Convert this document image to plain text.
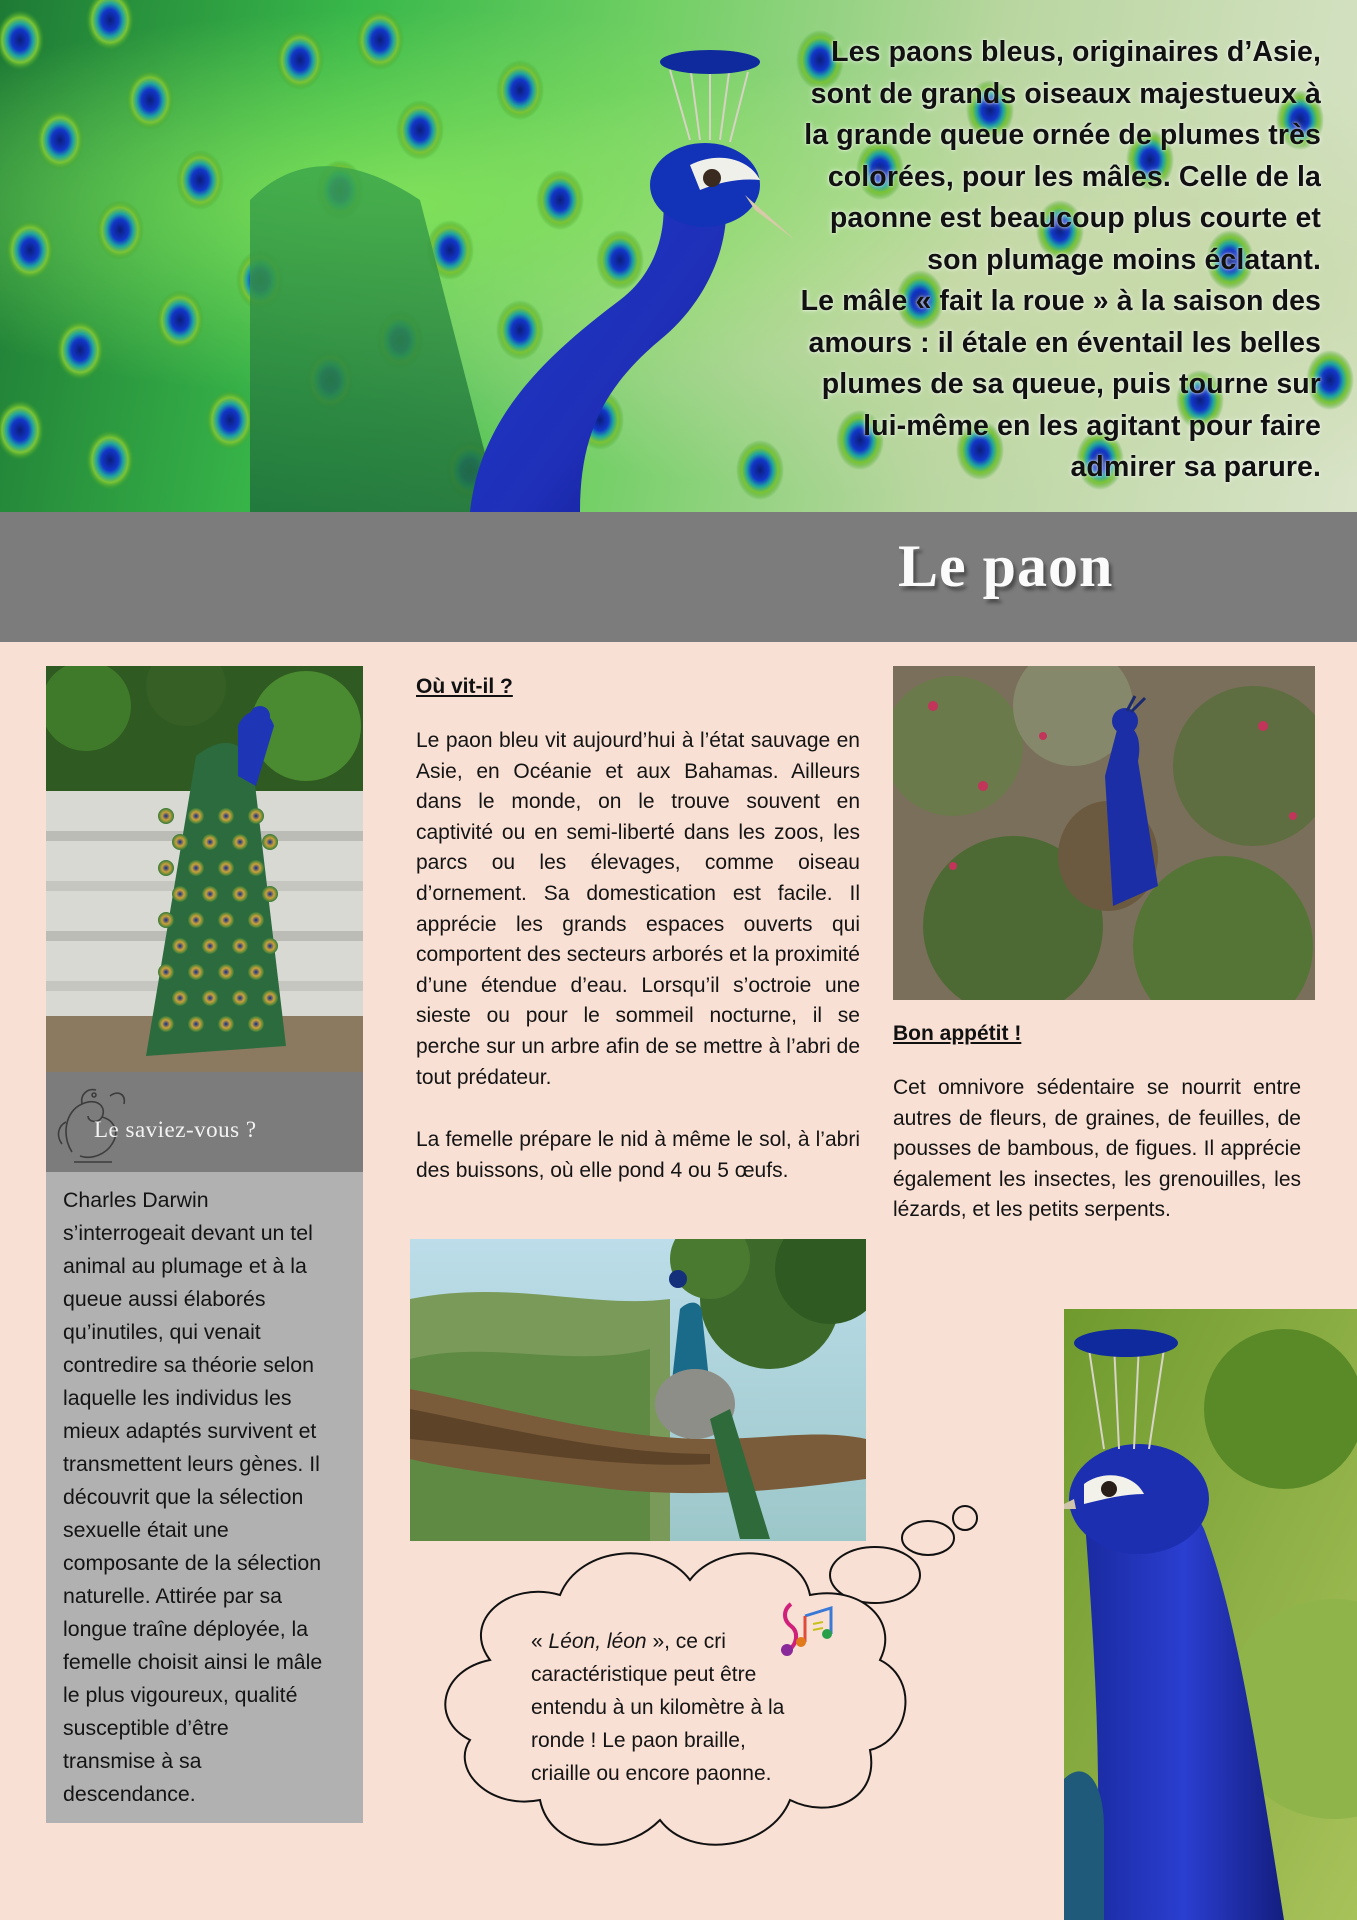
Les paons bleus, originaires d’Asie,
sont de grands oiseaux majestueux à
la grande queue ornée de plumes très
colorées, pour les mâles. Celle de la
paonne est beaucoup plus courte et
son plumage moins éclatant.
Le mâle « fait la roue » à la saison des
amours : il étale en éventail les belles
plumes de sa queue, puis tourne sur
lui-même en les agitant pour faire
admirer sa parure.
Le paon
Le saviez-vous ?
Charles Darwin
s’interrogeait devant un tel
animal au plumage et à la
queue aussi élaborés
qu’inutiles, qui venait
contredire sa théorie selon
laquelle les individus les
mieux adaptés survivent et
transmettent leurs gènes. Il
découvrit que la sélection
sexuelle était une
composante de la sélection
naturelle. Attirée par sa
longue traîne déployée, la
femelle choisit ainsi le mâle
le plus vigoureux, qualité
susceptible d’être
transmise à sa
descendance.
Où vit-il ?
Le paon bleu vit aujourd’hui à l’état sauvage en Asie, en Océanie et aux Bahamas. Ailleurs dans le monde, on le trouve souvent en captivité ou en semi-liberté dans les zoos, les parcs ou les élevages, comme oiseau d’ornement. Sa domestication est facile. Il apprécie les grands espaces ouverts qui comportent des secteurs arborés et la proximité d’une étendue d’eau. Lorsqu’il s’octroie une sieste ou pour le sommeil nocturne, il se perche sur un arbre afin de se mettre à l’abri de tout prédateur.
La femelle prépare le nid à même le sol, à l’abri des buissons, où elle pond 4 ou 5 œufs.
Bon appétit !
Cet omnivore sédentaire se nourrit entre autres de fleurs, de graines, de feuilles, de pousses de bambous, de figues. Il apprécie également les insectes, les grenouilles, les lézards, et les petits serpents.
« Léon, léon », ce cri
caractéristique peut être
entendu à un kilomètre à la
ronde ! Le paon braille,
criaille ou encore paonne.
